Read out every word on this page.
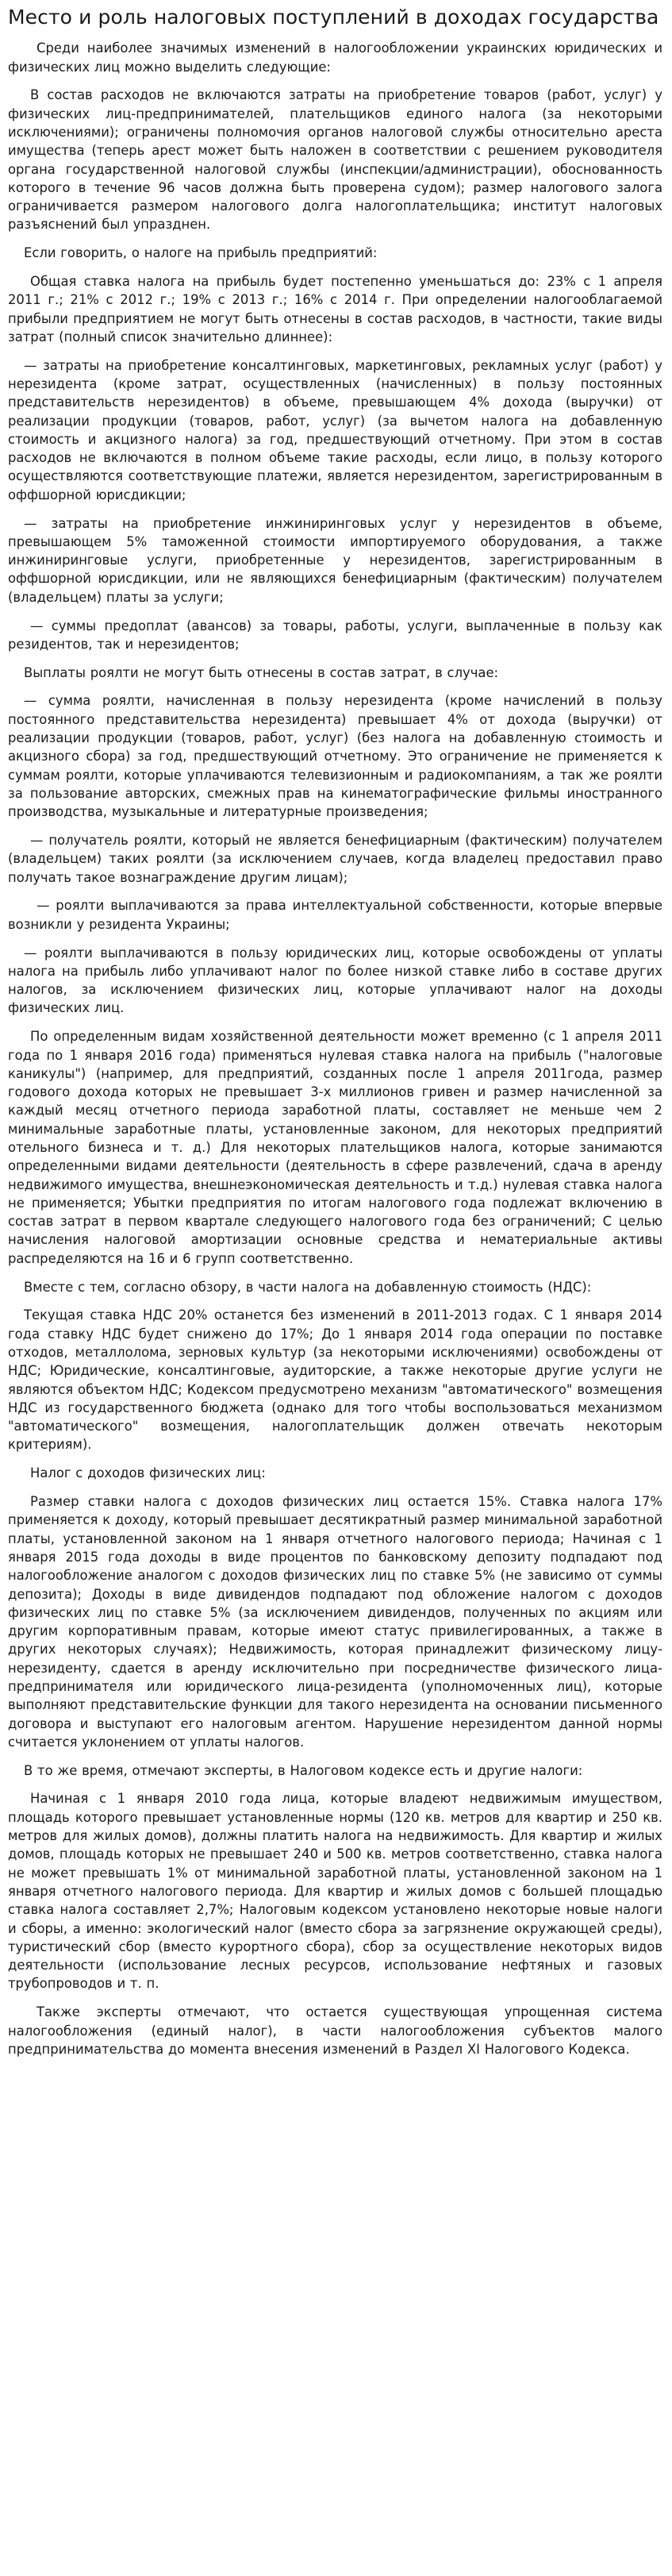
Место и роль налоговых поступлений в доходах государства

Среди наиболее значимых изменений в налогообложении украинских юридических и физических лиц можно выделить следующие:

В состав расходов не включаются затраты на приобретение товаров (работ, услуг) у физических лиц-предпринимателей, плательщиков единого налога (за некоторыми исключениями); ограничены полномочия органов налоговой службы относительно ареста имущества (теперь арест может быть наложен в соответствии с решением руководителя органа государственной налоговой службы (инспекции/администрации), обоснованность которого в течение 96 часов должна быть проверена судом); размер налогового залога ограничивается размером налогового долга налогоплательщика; институт налоговых разъяснений был упразднен.

Если говорить, о налоге на прибыль предприятий:

Общая ставка налога на прибыль будет постепенно уменьшаться до: 23% с 1 апреля 2011 г.; 21% с 2012 г.; 19% с 2013 г.; 16% с 2014 г. При определении налогооблагаемой прибыли предприятием не могут быть отнесены в состав расходов, в частности, такие виды затрат (полный список значительно длиннее):

— затраты на приобретение консалтинговых, маркетинговых, рекламных услуг (работ) у нерезидента (кроме затрат, осуществленных (начисленных) в пользу постоянных представительств нерезидентов) в объеме, превышающем 4% дохода (выручки) от реализации продукции (товаров, работ, услуг) (за вычетом налога на добавленную стоимость и акцизного налога) за год, предшествующий отчетному. При этом в состав расходов не включаются в полном объеме такие расходы, если лицо, в пользу которого осуществляются соответствующие платежи, является нерезидентом, зарегистрированным в оффшорной юрисдикции;

— затраты на приобретение инжиниринговых услуг у нерезидентов в объеме, превышающем 5% таможенной стоимости импортируемого оборудования, а также инжиниринговые услуги, приобретенные у нерезидентов, зарегистрированным в оффшорной юрисдикции, или не являющихся бенефициарным (фактическим) получателем (владельцем) платы за услуги;

— суммы предоплат (авансов) за товары, работы, услуги, выплаченные в пользу как резидентов, так и нерезидентов;

Выплаты роялти не могут быть отнесены в состав затрат, в случае:

— сумма роялти, начисленная в пользу нерезидента (кроме начислений в пользу постоянного представительства нерезидента) превышает 4% от дохода (выручки) от реализации продукции (товаров, работ, услуг) (без налога на добавленную стоимость и акцизного сбора) за год, предшествующий отчетному. Это ограничение не применяется к суммам роялти, которые уплачиваются телевизионным и радиокомпаниям, а так же роялти за пользование авторских, смежных прав на кинематографические фильмы иностранного производства, музыкальные и литературные произведения;

— получатель роялти, который не является бенефициарным (фактическим) получателем (владельцем) таких роялти (за исключением случаев, когда владелец предоставил право получать такое вознаграждение другим лицам);

— роялти выплачиваются за права интеллектуальной собственности, которые впервые возникли у резидента Украины;

— роялти выплачиваются в пользу юридических лиц, которые освобождены от уплаты налога на прибыль либо уплачивают налог по более низкой ставке либо в составе других налогов, за исключением физических лиц, которые уплачивают налог на доходы физических лиц.

По определенным видам хозяйственной деятельности может временно (с 1 апреля 2011 года по 1 января 2016 года) применяться нулевая ставка налога на прибыль ("налоговые каникулы") (например, для предприятий, созданных после 1 апреля 2011года, размер годового дохода которых не превышает 3-х миллионов гривен и размер начисленной за каждый месяц отчетного периода заработной платы, составляет не меньше чем 2 минимальные заработные платы, установленные законом, для некоторых предприятий отельного бизнеса и т. д.) Для некоторых плательщиков налога, которые занимаются определенными видами деятельности (деятельность в сфере развлечений, сдача в аренду недвижимого имущества, внешнеэкономическая деятельность и т.д.) нулевая ставка налога не применяется; Убытки предприятия по итогам налогового года подлежат включению в состав затрат в первом квартале следующего налогового года без ограничений; С целью начисления налоговой амортизации основные средства и нематериальные активы распределяются на 16 и 6 групп соответственно.

Вместе с тем, согласно обзору, в части налога на добавленную стоимость (НДС):

Текущая ставка НДС 20% останется без изменений в 2011-2013 годах. С 1 января 2014 года ставку НДС будет снижено до 17%; До 1 января 2014 года операции по поставке отходов, металлолома, зерновых культур (за некоторыми исключениями) освобождены от НДС; Юридические, консалтинговые, аудиторские, а также некоторые другие услуги не являются объектом НДС; Кодексом предусмотрено механизм "автоматического" возмещения НДС из государственного бюджета (однако для того чтобы воспользоваться механизмом "автоматического" возмещения, налогоплательщик должен отвечать некоторым критериям).

Налог с доходов физических лиц:

Размер ставки налога с доходов физических лиц остается 15%. Ставка налога 17% применяется к доходу, который превышает десятикратный размер минимальной заработной платы, установленной законом на 1 января отчетного налогового периода; Начиная с 1 января 2015 года доходы в виде процентов по банковскому депозиту подпадают под налогообложение аналогом с доходов физических лиц по ставке 5% (не зависимо от суммы депозита); Доходы в виде дивидендов подпадают под обложение налогом с доходов физических лиц по ставке 5% (за исключением дивидендов, полученных по акциям или другим корпоративным правам, которые имеют статус привилегированных, а также в других некоторых случаях); Недвижимость, которая принадлежит физическому лицу-нерезиденту, сдается в аренду исключительно при посредничестве физического лица-предпринимателя или юридического лица-резидента (уполномоченных лиц), которые выполняют представительские функции для такого нерезидента на основании письменного договора и выступают его налоговым агентом. Нарушение нерезидентом данной нормы считается уклонением от уплаты налогов.

В то же время, отмечают эксперты, в Налоговом кодексе есть и другие налоги:

Начиная с 1 января 2010 года лица, которые владеют недвижимым имуществом, площадь которого превышает установленные нормы (120 кв. метров для квартир и 250 кв. метров для жилых домов), должны платить налога на недвижимость. Для квартир и жилых домов, площадь которых не превышает 240 и 500 кв. метров соответственно, ставка налога не может превышать 1% от минимальной заработной платы, установленной законом на 1 января отчетного налогового периода. Для квартир и жилых домов с большей площадью ставка налога составляет 2,7%; Налоговым кодексом установлено некоторые новые налоги и сборы, а именно: экологический налог (вместо сбора за загрязнение окружающей среды), туристический сбор (вместо курортного сбора), сбор за осуществление некоторых видов деятельности (использование лесных ресурсов, использование нефтяных и газовых трубопроводов и т. п.

Также эксперты отмечают, что остается существующая упрощенная система налогообложения (единый налог), в части налогообложения субъектов малого предпринимательства до момента внесения изменений в Раздел XI Налогового Кодекса.
